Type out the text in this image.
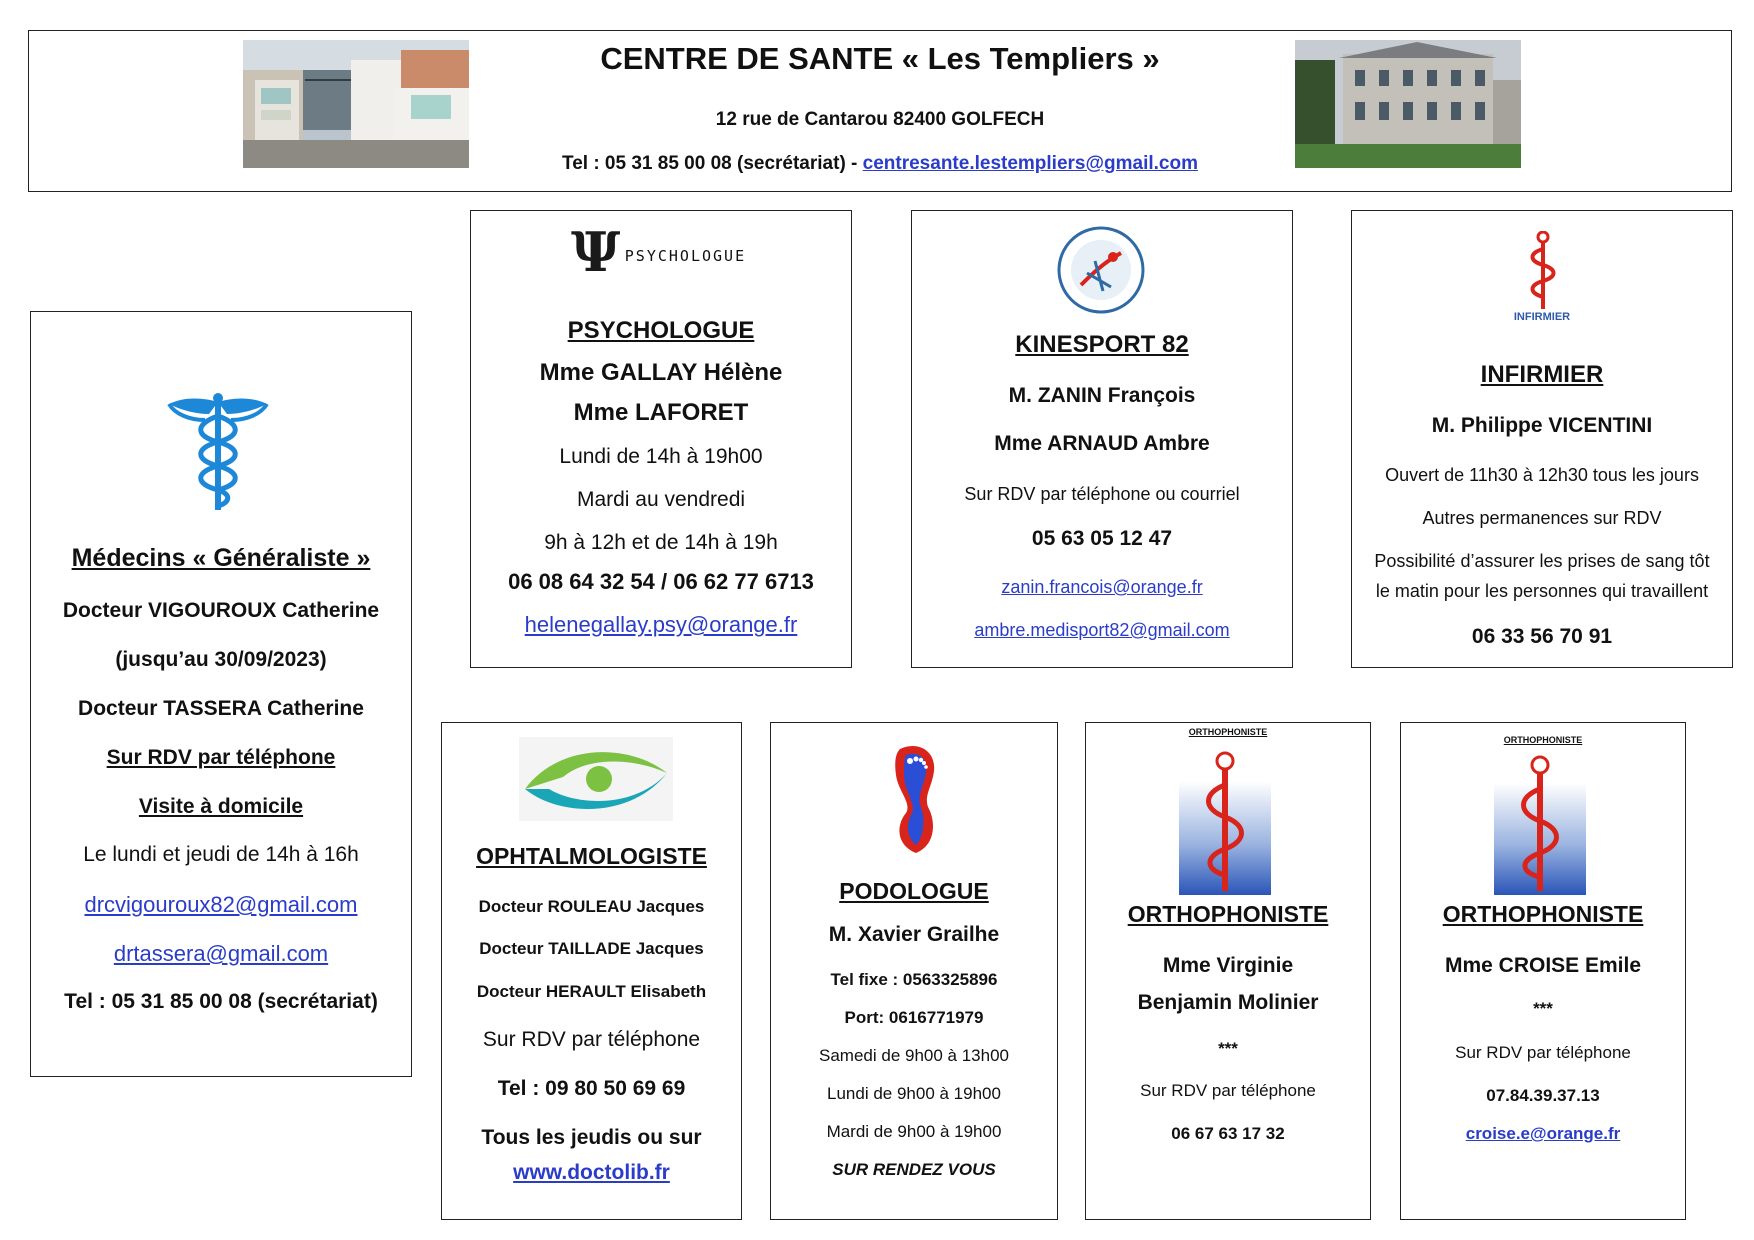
CENTRE DE SANTE « Les Templiers »
12 rue de Cantarou 82400 GOLFECH
Tel : 05 31 85 00 08 (secrétariat) - centresante.lestempliers@gmail.com
Médecins « Généraliste »
Docteur VIGOUROUX Catherine
(jusqu’au 30/09/2023)
Docteur TASSERA Catherine
Sur RDV par téléphone
Visite à domicile
Le lundi et jeudi de 14h à 16h
drcvigouroux82@gmail.com
drtassera@gmail.com
Tel : 05 31 85 00 08 (secrétariat)
Ψ PSYCHOLOGUE
PSYCHOLOGUE
Mme GALLAY Hélène
Mme LAFORET
Lundi de 14h à 19h00
Mardi au vendredi
9h à 12h et de 14h à 19h
06 08 64 32 54 / 06 62 77 6713
helenegallay.psy@orange.fr
KINESPORT 82
M. ZANIN François
Mme ARNAUD Ambre
Sur RDV par téléphone ou courriel
05 63 05 12 47
zanin.francois@orange.fr
ambre.medisport82@gmail.com
INFIRMIER
INFIRMIER
M. Philippe VICENTINI
Ouvert de 11h30 à 12h30 tous les jours
Autres permanences sur RDV
Possibilité d’assurer les prises de sang tôt
le matin pour les personnes qui travaillent
06 33 56 70 91
OPHTALMOLOGISTE
Docteur ROULEAU Jacques
Docteur TAILLADE Jacques
Docteur HERAULT Elisabeth
Sur RDV par téléphone
Tel : 09 80 50 69 69
Tous les jeudis ou sur
www.doctolib.fr
PODOLOGUE
M. Xavier Grailhe
Tel fixe : 0563325896
Port: 0616771979
Samedi de 9h00 à 13h00
Lundi de 9h00 à 19h00
Mardi de 9h00 à 19h00
SUR RENDEZ VOUS
ORTHOPHONISTE
ORTHOPHONISTE
Mme Virginie
Benjamin Molinier
***
Sur RDV par téléphone
06 67 63 17 32
ORTHOPHONISTE
ORTHOPHONISTE
Mme CROISE Emile
***
Sur RDV par téléphone
07.84.39.37.13
croise.e@orange.fr
